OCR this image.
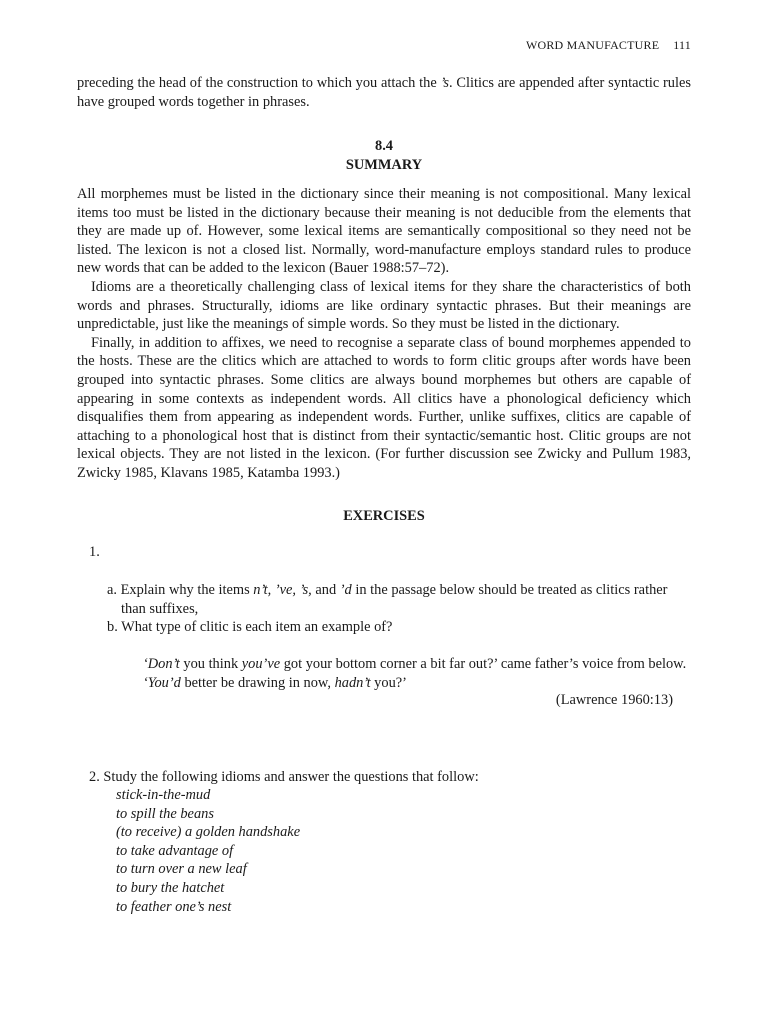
WORD MANUFACTURE 111

preceding the head of the construction to which you attach the ’s. Clitics are appended after syntactic rules have grouped words together in phrases.

8.4
SUMMARY

All morphemes must be listed in the dictionary since their meaning is not compositional. Many lexical items too must be listed in the dictionary because their meaning is not deducible from the elements that they are made up of. However, some lexical items are semantically compositional so they need not be listed. The lexicon is not a closed list. Normally, word-manufacture employs standard rules to produce new words that can be added to the lexicon (Bauer 1988:57–72).

Idioms are a theoretically challenging class of lexical items for they share the characteristics of both words and phrases. Structurally, idioms are like ordinary syntactic phrases. But their meanings are unpredictable, just like the meanings of simple words. So they must be listed in the dictionary.

Finally, in addition to affixes, we need to recognise a separate class of bound morphemes appended to the hosts. These are the clitics which are attached to words to form clitic groups after words have been grouped into syntactic phrases. Some clitics are always bound morphemes but others are capable of appearing in some contexts as independent words. All clitics have a phonological deficiency which disqualifies them from appearing as independent words. Further, unlike suffixes, clitics are capable of attaching to a phonological host that is distinct from their syntactic/semantic host. Clitic groups are not lexical objects. They are not listed in the lexicon. (For further discussion see Zwicky and Pullum 1983, Zwicky 1985, Klavans 1985, Katamba 1993.)

EXERCISES
1.
a. Explain why the items n’t, ’ve, ’s, and ’d in the passage below should be treated as clitics rather than suffixes,
b. What type of clitic is each item an example of?
‘Don’t you think you’ve got your bottom corner a bit far out?’ came father’s voice from below.
‘You’d better be drawing in now, hadn’t you?’
(Lawrence 1960:13)
2. Study the following idioms and answer the questions that follow:
stick-in-the-mud
to spill the beans
(to receive) a golden handshake
to take advantage of
to turn over a new leaf
to bury the hatchet
to feather one’s nest
